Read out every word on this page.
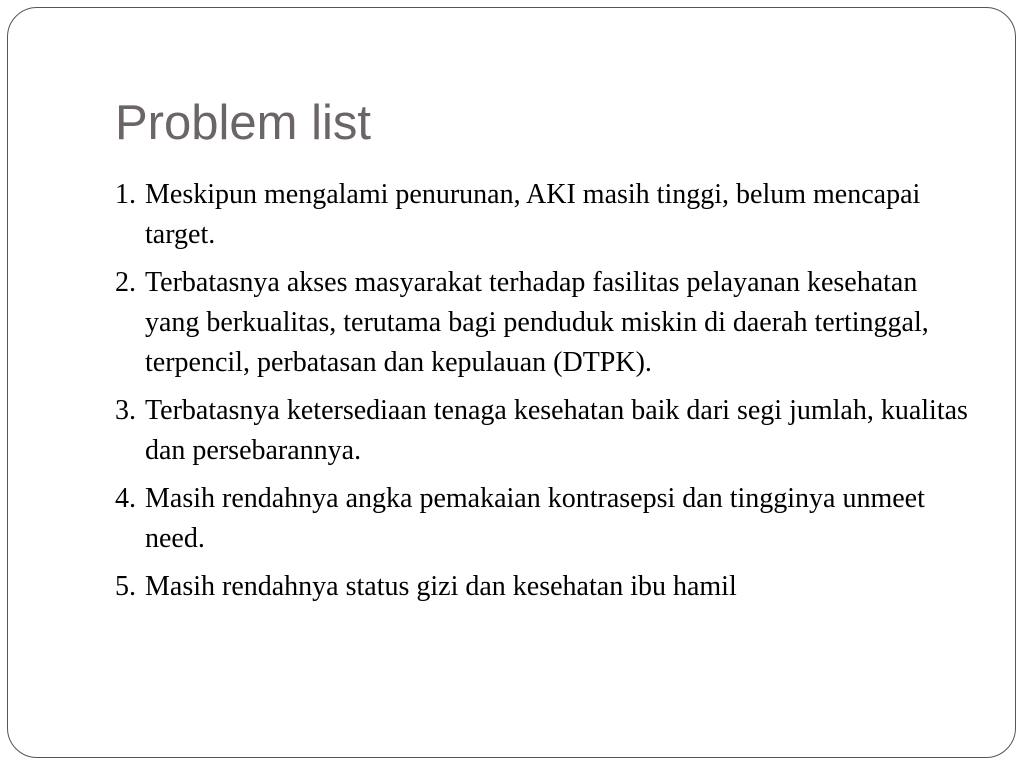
Problem list
1. Meskipun mengalami penurunan, AKI masih tinggi, belum mencapai target.
2. Terbatasnya akses masyarakat terhadap fasilitas pelayanan kesehatan yang berkualitas, terutama bagi penduduk miskin di daerah tertinggal, terpencil, perbatasan dan kepulauan (DTPK).
3. Terbatasnya ketersediaan tenaga kesehatan baik dari segi jumlah, kualitas dan persebarannya.
4. Masih rendahnya angka pemakaian kontrasepsi dan tingginya unmeet need.
5. Masih rendahnya status gizi dan kesehatan ibu hamil
